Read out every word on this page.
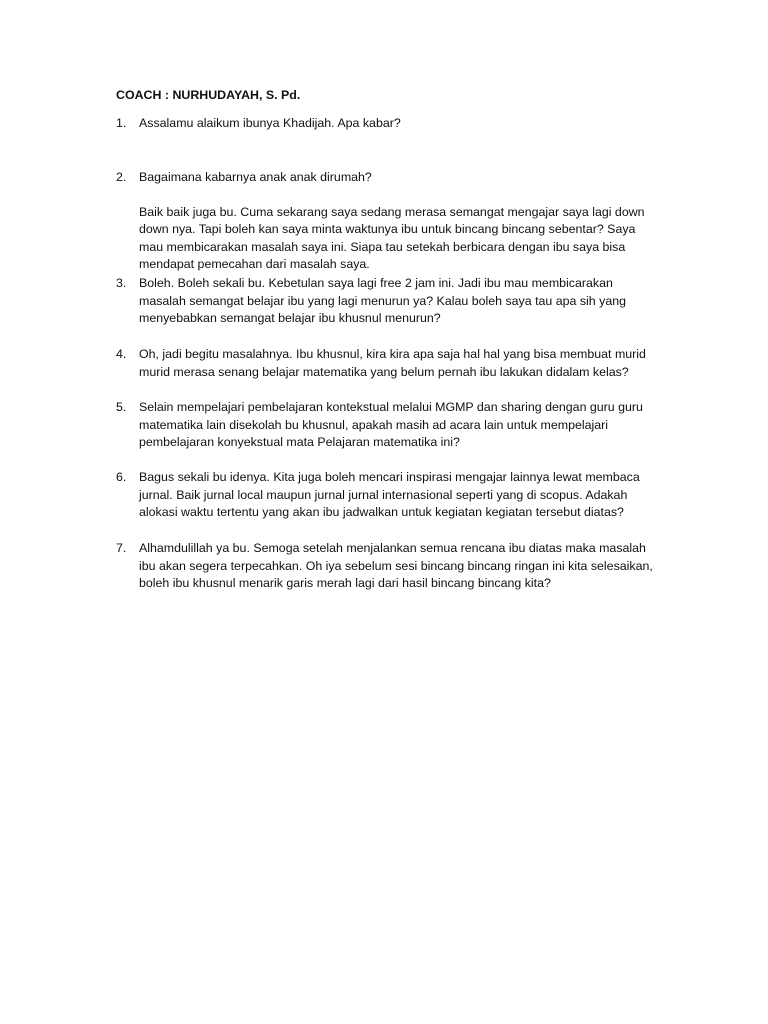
COACH : NURHUDAYAH, S. Pd.
1.	Assalamu alaikum ibunya Khadijah. Apa kabar?
2.	Bagaimana kabarnya anak anak dirumah?
Baik baik juga bu. Cuma sekarang saya sedang merasa semangat mengajar saya lagi down
down nya. Tapi boleh kan saya minta waktunya ibu untuk bincang bincang sebentar? Saya
mau membicarakan masalah saya ini. Siapa tau setekah berbicara dengan ibu saya bisa
mendapat pemecahan dari masalah saya.
3.	Boleh. Boleh sekali bu. Kebetulan saya lagi free 2 jam ini. Jadi ibu mau membicarakan
masalah semangat belajar ibu yang lagi menurun ya? Kalau boleh saya tau apa sih yang
menyebabkan semangat belajar ibu khusnul menurun?
4.	Oh, jadi begitu masalahnya. Ibu khusnul, kira kira apa saja hal hal yang bisa membuat murid
murid merasa senang belajar matematika yang belum pernah ibu lakukan didalam kelas?
5.	Selain mempelajari pembelajaran kontekstual melalui MGMP dan sharing dengan guru guru
matematika lain disekolah bu khusnul, apakah masih ad acara lain untuk mempelajari
pembelajaran konyekstual mata Pelajaran matematika ini?
6.	Bagus sekali bu idenya. Kita juga boleh mencari inspirasi mengajar lainnya lewat membaca
jurnal. Baik jurnal local maupun jurnal jurnal internasional seperti yang di scopus. Adakah
alokasi waktu tertentu yang akan ibu jadwalkan untuk kegiatan kegiatan tersebut diatas?
7.	Alhamdulillah ya bu. Semoga setelah menjalankan semua rencana ibu diatas maka masalah
ibu akan segera terpecahkan. Oh iya sebelum sesi bincang bincang ringan ini kita selesaikan,
boleh ibu khusnul menarik garis merah lagi dari hasil bincang bincang kita?
